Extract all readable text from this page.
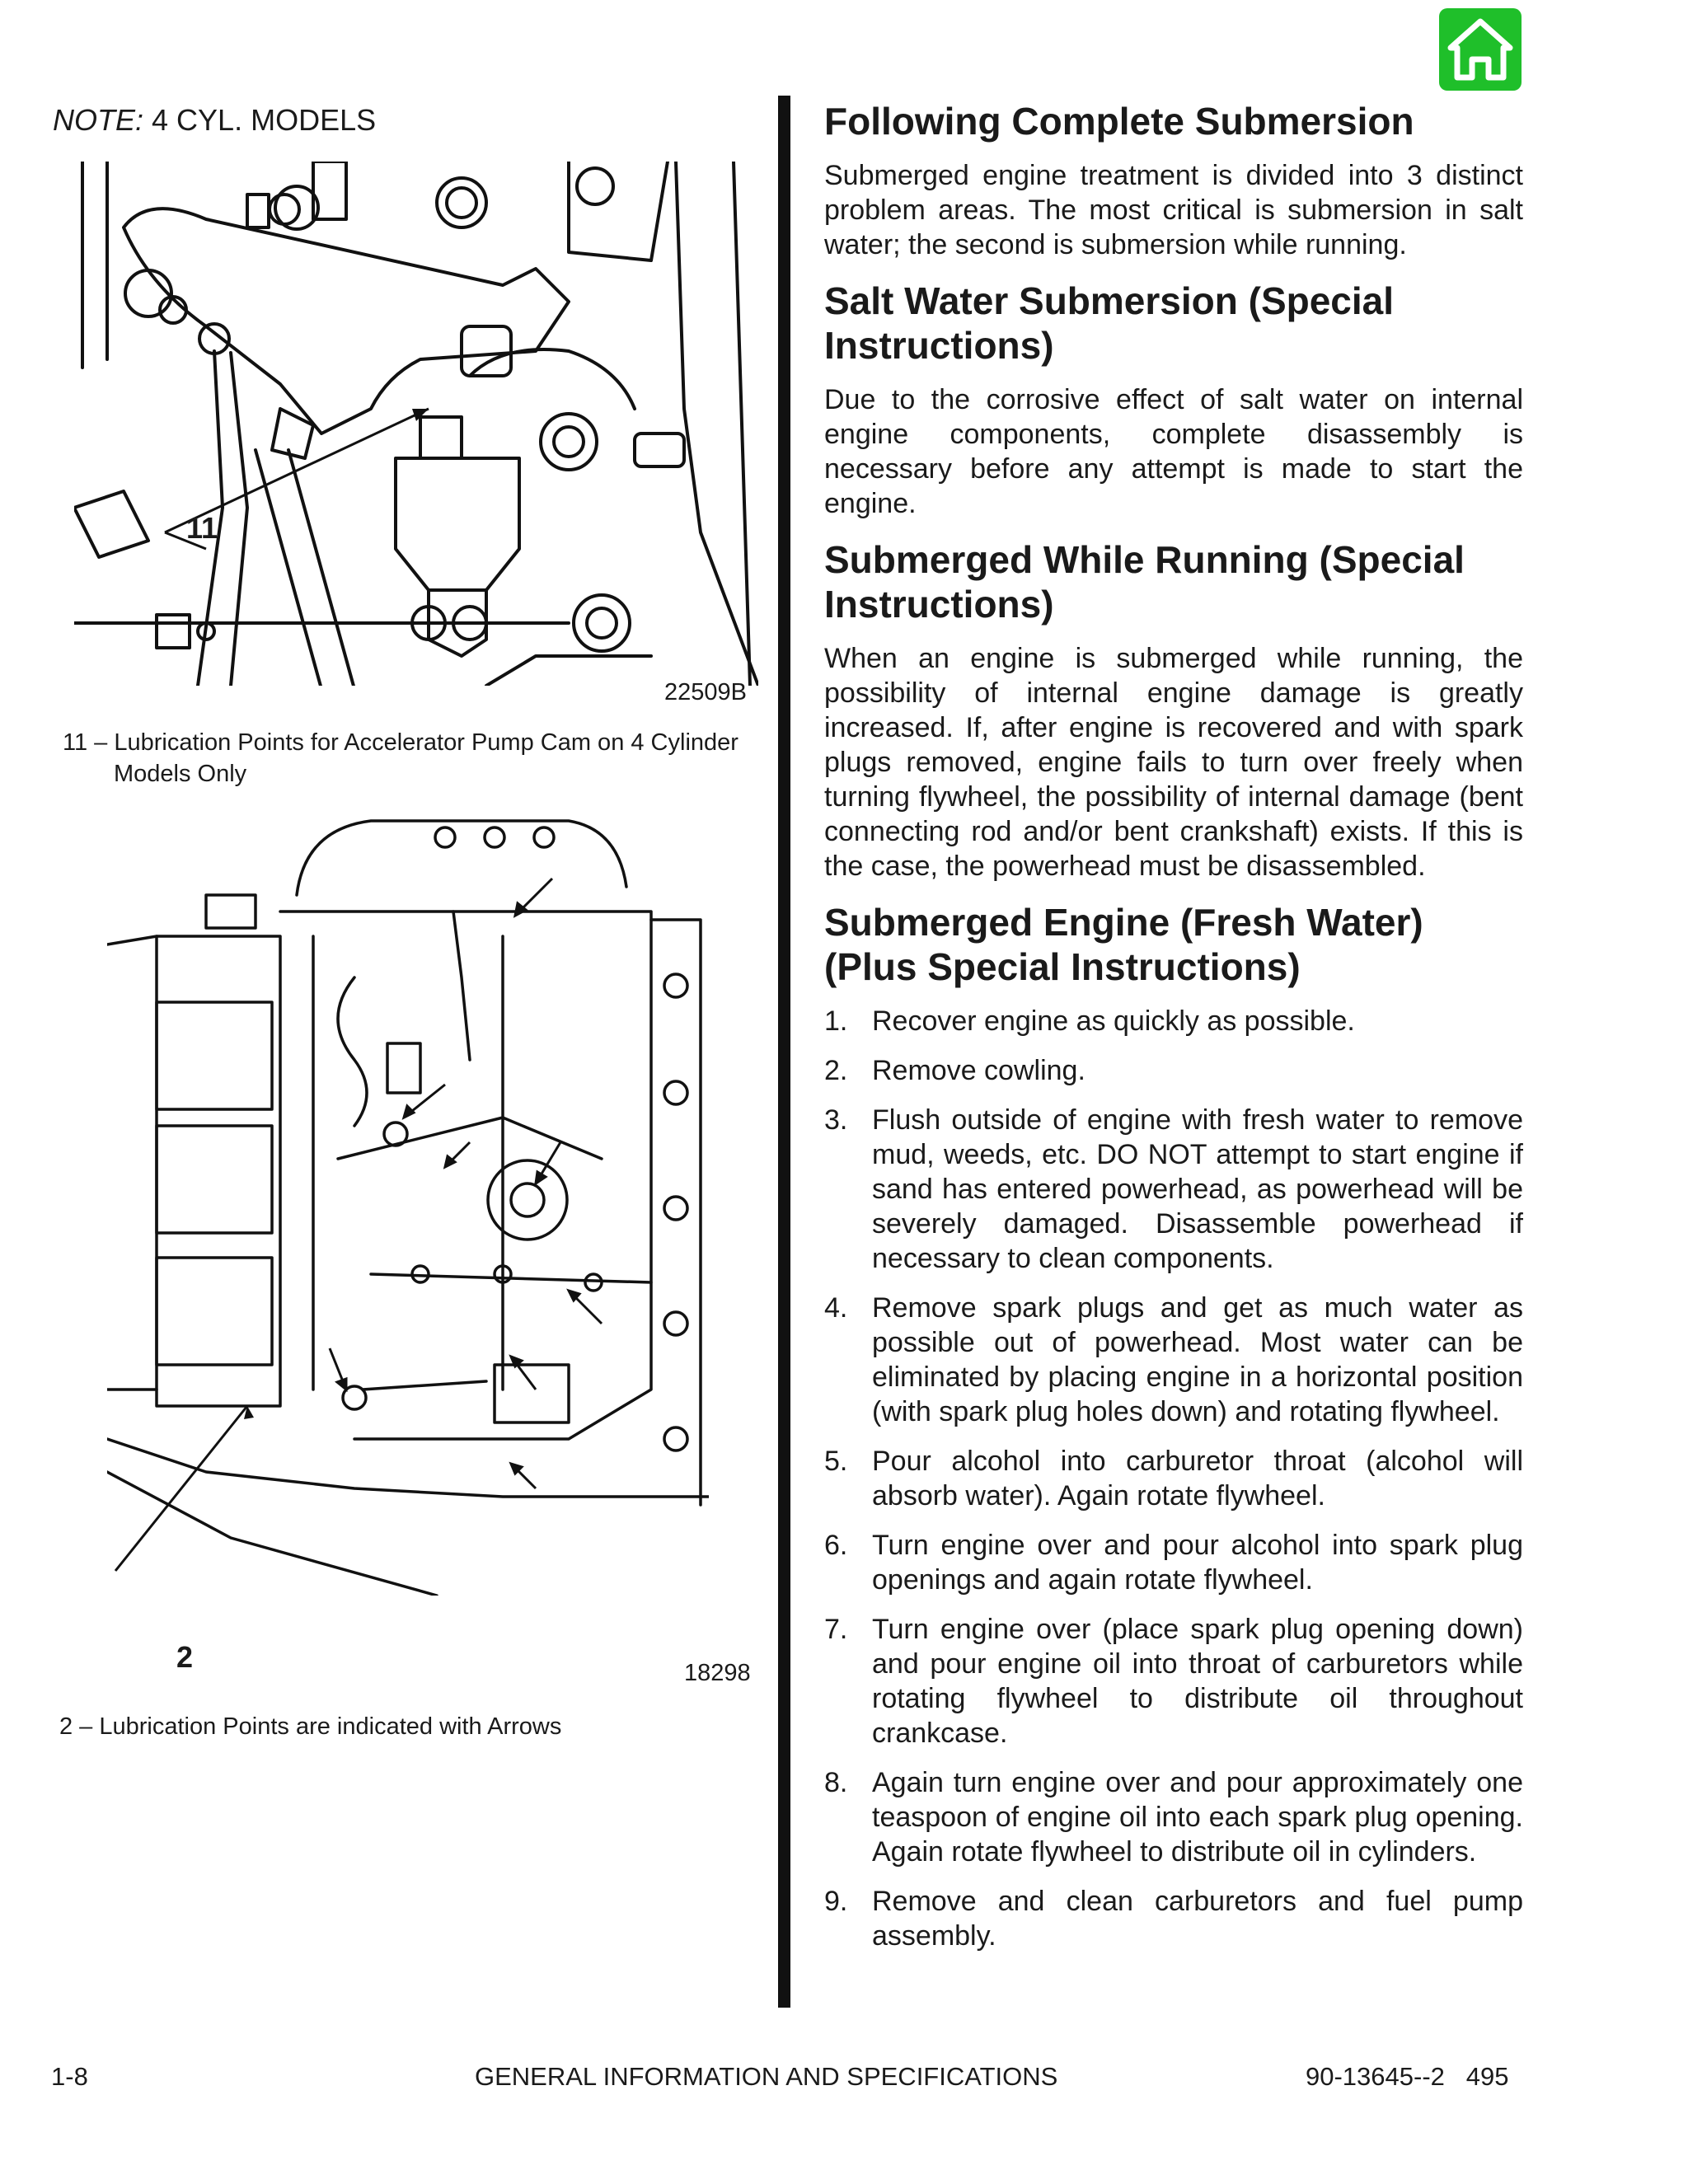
NOTE: 4 CYL. MODELS
11
22509B
11 – Lubrication Points for Accelerator Pump Cam on 4 Cylinder
Models Only
2	18298
2 – Lubrication Points are indicated with Arrows
Following Complete Submersion

Submerged engine treatment is divided into 3 distinct problem areas. The most critical is submersion in salt water; the second is submersion while running.

Salt Water Submersion (Special Instructions)

Due to the corrosive effect of salt water on internal engine components, complete disassembly is necessary before any attempt is made to start the engine.

Submerged While Running (Special Instructions)

When an engine is submerged while running, the possibility of internal engine damage is greatly increased. If, after engine is recovered and with spark plugs removed, engine fails to turn over freely when turning flywheel, the possibility of internal damage (bent connecting rod and/or bent crankshaft) exists. If this is the case, the powerhead must be disassembled.

Submerged Engine (Fresh Water) (Plus Special Instructions)
1. Recover engine as quickly as possible.
2. Remove cowling.
3. Flush outside of engine with fresh water to remove mud, weeds, etc. DO NOT attempt to start engine if sand has entered powerhead, as powerhead will be severely damaged. Disassemble powerhead if necessary to clean components.
4. Remove spark plugs and get as much water as possible out of powerhead. Most water can be eliminated by placing engine in a horizontal position (with spark plug holes down) and rotating flywheel.
5. Pour alcohol into carburetor throat (alcohol will absorb water). Again rotate flywheel.
6. Turn engine over and pour alcohol into spark plug openings and again rotate flywheel.
7. Turn engine over (place spark plug opening down) and pour engine oil into throat of carburetors while rotating flywheel to distribute oil throughout crankcase.
8. Again turn engine over and pour approximately one teaspoon of engine oil into each spark plug opening. Again rotate flywheel to distribute oil in cylinders.
9. Remove and clean carburetors and fuel pump assembly.
1-8	GENERAL INFORMATION AND SPECIFICATIONS	90-13645--2   495
